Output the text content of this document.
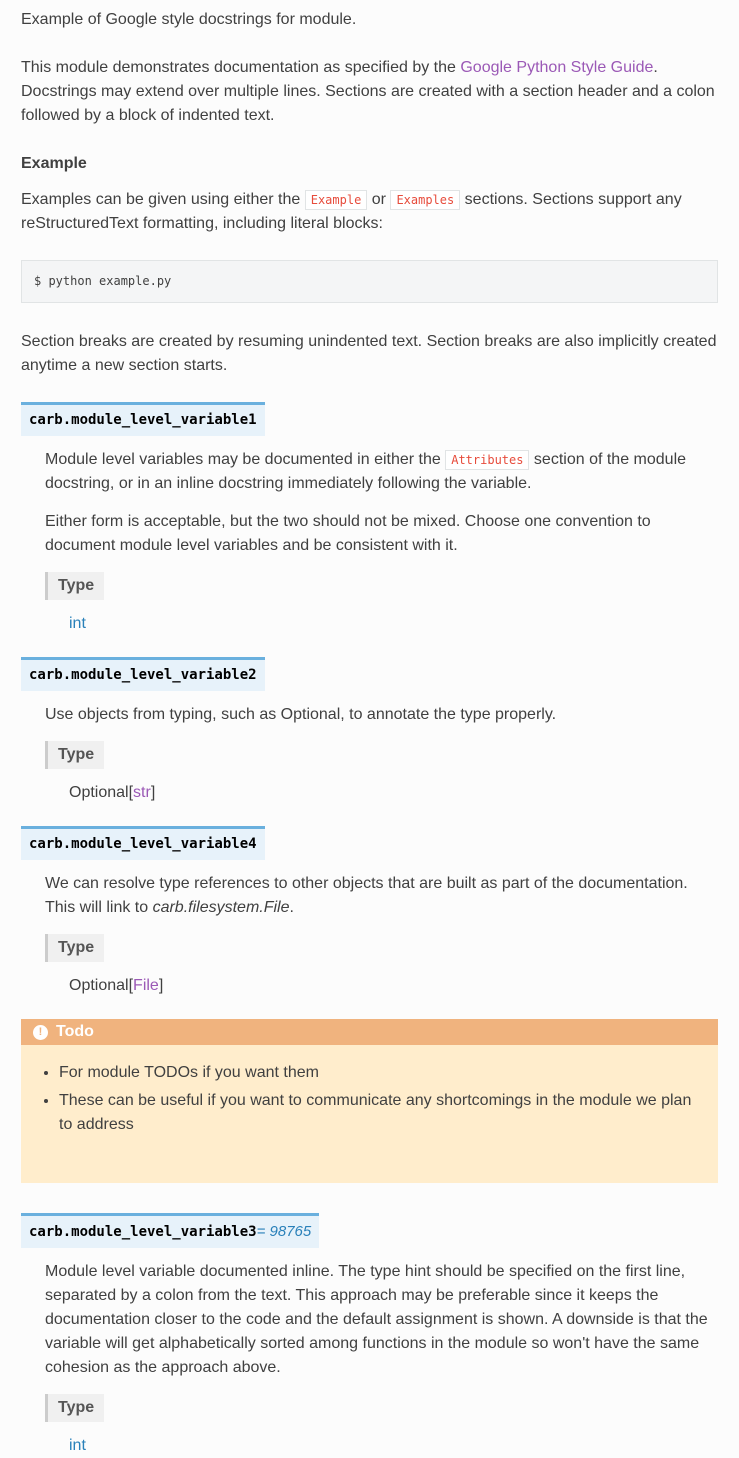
Example of Google style docstrings for module.

This module demonstrates documentation as specified by the Google Python Style Guide. Docstrings may extend over multiple lines. Sections are created with a section header and a colon followed by a block of indented text.

Example

Examples can be given using either the Example or Examples sections. Sections support any reStructuredText formatting, including literal blocks:

$ python example.py

Section breaks are created by resuming unindented text. Section breaks are also implicitly created anytime a new section starts.

carb.module_level_variable1

Module level variables may be documented in either the Attributes section of the module docstring, or in an inline docstring immediately following the variable.

Either form is acceptable, but the two should not be mixed. Choose one convention to document module level variables and be consistent with it.

Type
int
carb.module_level_variable2

Use objects from typing, such as Optional, to annotate the type properly.

Type
Optional[str]
carb.module_level_variable4

We can resolve type references to other objects that are built as part of the documentation. This will link to carb.filesystem.File.

Type
Optional[File]
! Todo
• For module TODOs if you want them
• These can be useful if you want to communicate any shortcomings in the module we plan to address
carb.module_level_variable3= 98765

Module level variable documented inline. The type hint should be specified on the first line, separated by a colon from the text. This approach may be preferable since it keeps the documentation closer to the code and the default assignment is shown. A downside is that the variable will get alphabetically sorted among functions in the module so won't have the same cohesion as the approach above.

Type
int
